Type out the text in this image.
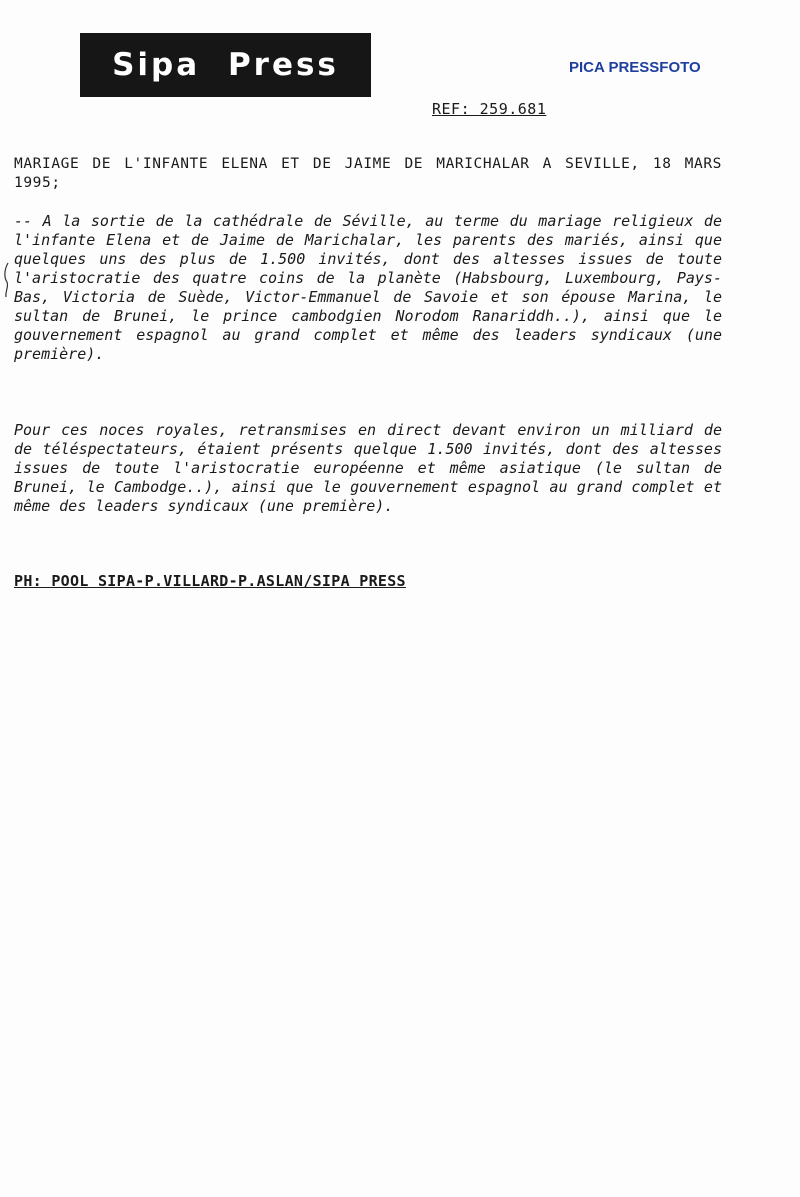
Sipa Press	PICA PRESSFOTO
REF: 259.681
MARIAGE DE L'INFANTE ELENA ET DE JAIME DE MARICHALAR A SEVILLE, 18 MARS 1995;
-- A la sortie de la cathédrale de Séville, au terme du mariage religieux de l'infante Elena et de Jaime de Marichalar, les parents des mariés, ainsi que quelques uns des plus de 1.500 invités, dont des altesses issues de toute l'aristocratie des quatre coins de la planète (Habsbourg, Luxembourg, Pays-Bas, Victoria de Suède, Victor-Emmanuel de Savoie et son épouse Marina, le sultan de Brunei, le prince cambodgien Norodom Ranariddh..), ainsi que le gouvernement espagnol au grand complet et même des leaders syndicaux (une première).
Pour ces noces royales, retransmises en direct devant environ un milliard de de téléspectateurs, étaient présents quelque 1.500 invités, dont des altesses issues de toute l'aristocratie européenne et même asiatique (le sultan de Brunei, le Cambodge..), ainsi que le gouvernement espagnol au grand complet et même des leaders syndicaux (une première).
PH: POOL SIPA-P.VILLARD-P.ASLAN/SIPA PRESS
